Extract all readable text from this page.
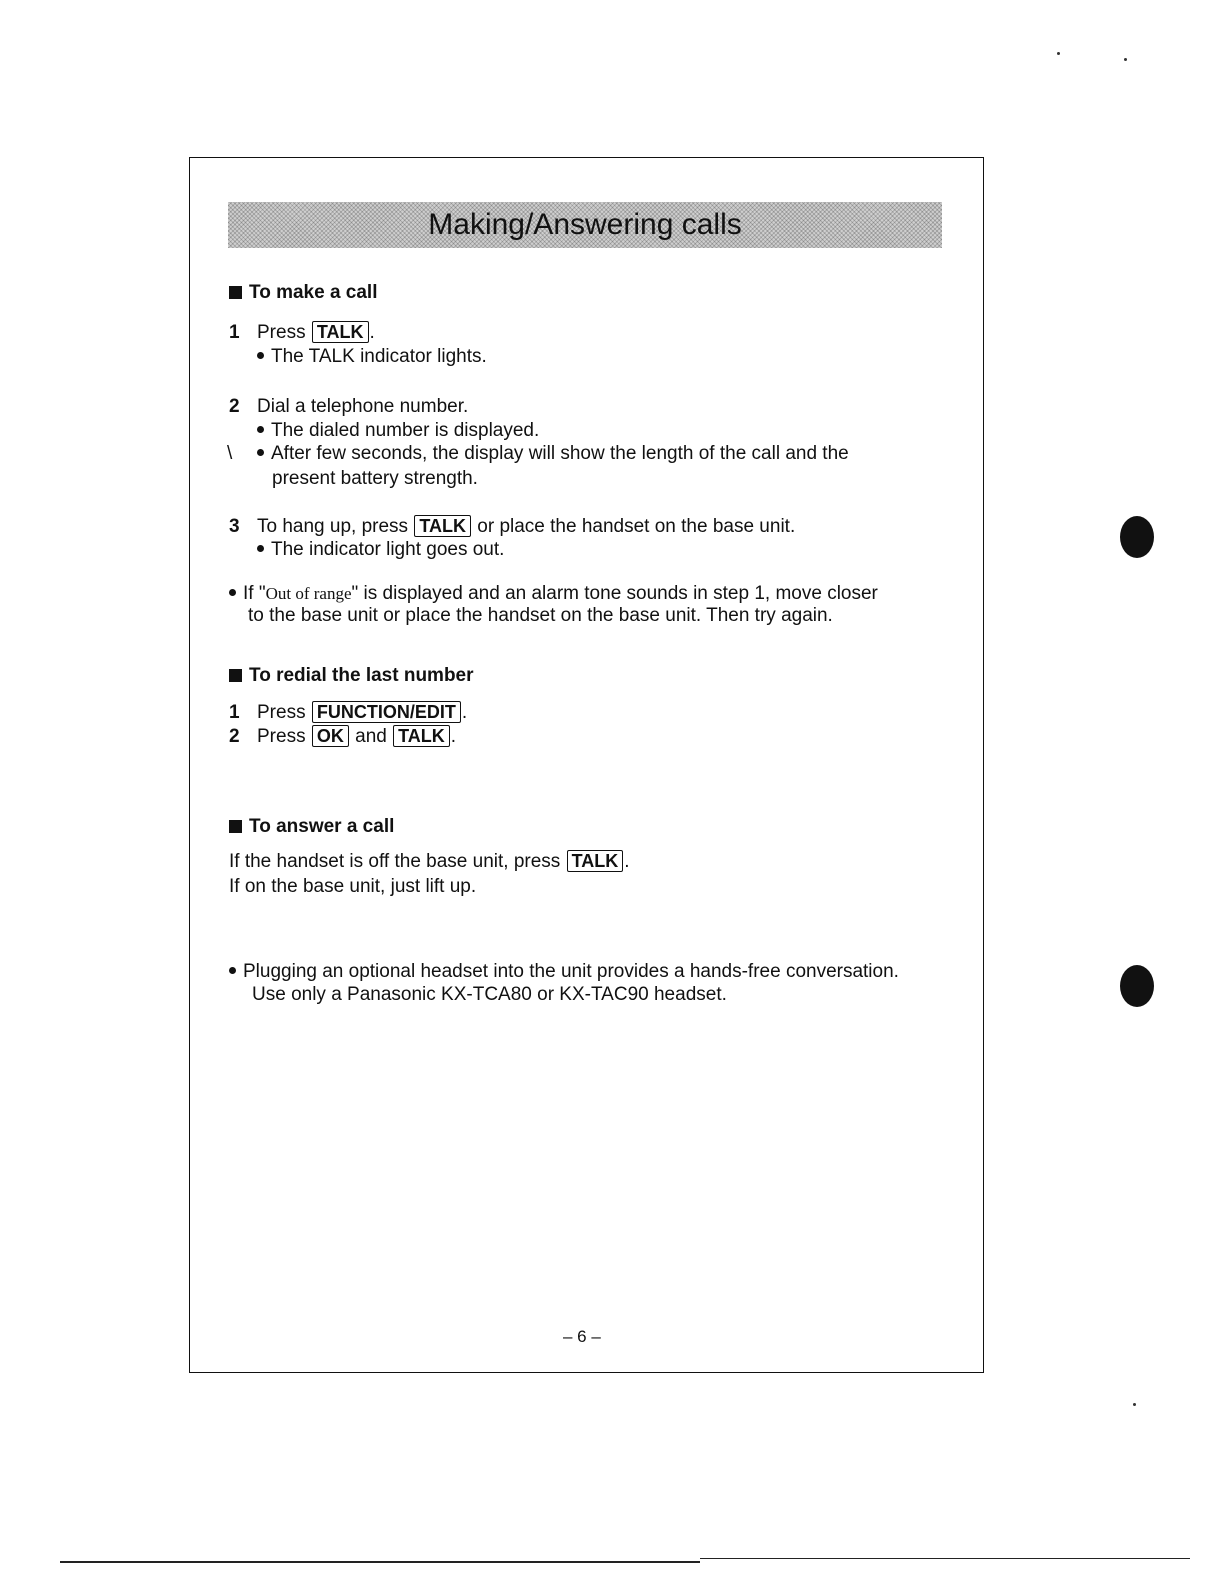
Making/Answering calls
To make a call
1 Press TALK .
The TALK indicator lights.
2 Dial a telephone number.
The dialed number is displayed.
\	After few seconds, the display will show the length of the call and the
present battery strength.
3 To hang up, press TALK or place the handset on the base unit.
The indicator light goes out.
If "Out of range" is displayed and an alarm tone sounds in step 1, move closer
to the base unit or place the handset on the base unit. Then try again.
To redial the last number
1 Press FUNCTION/EDIT .
2 Press OK and TALK .
To answer a call
If the handset is off the base unit, press TALK .
If on the base unit, just lift up.
Plugging an optional headset into the unit provides a hands-free conversation.
Use only a Panasonic KX-TCA80 or KX-TAC90 headset.
– 6 –
